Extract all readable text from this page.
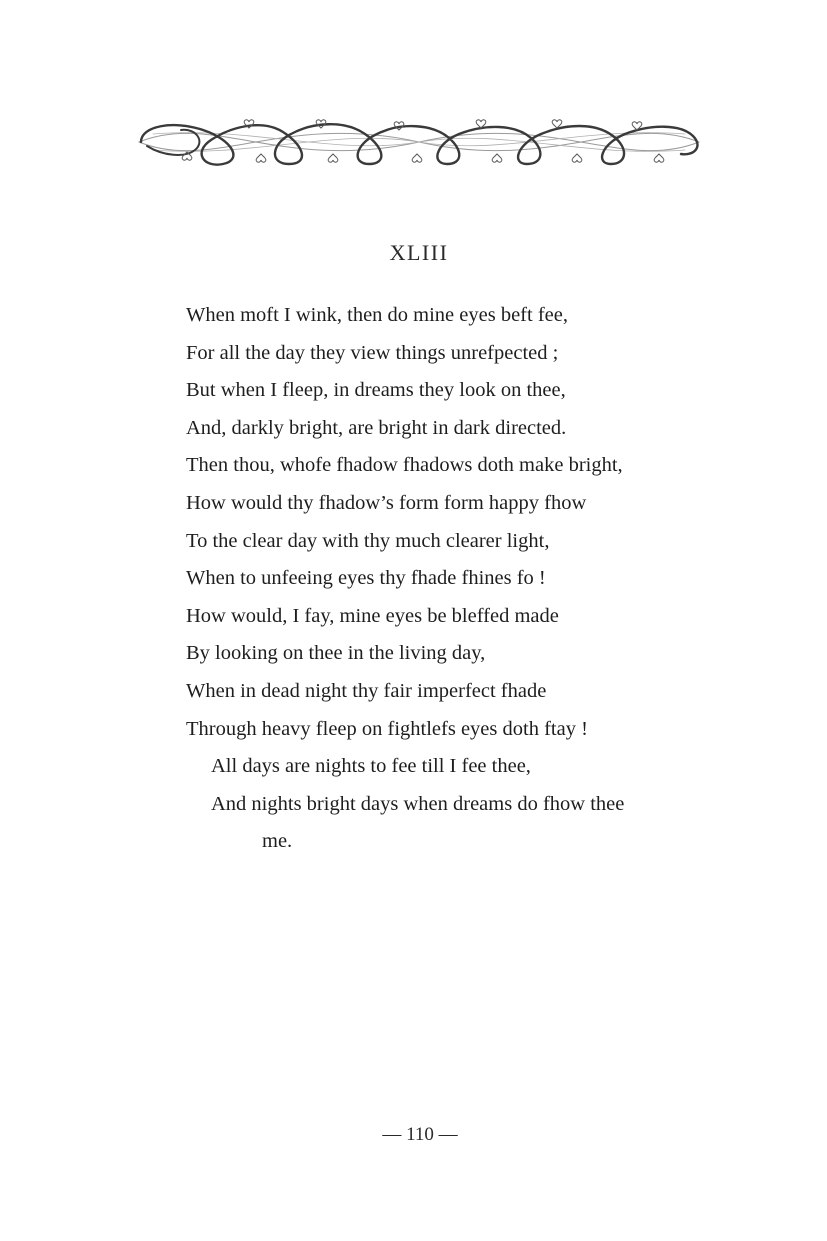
XLIII
When moft I wink, then do mine eyes beft fee,
For all the day they view things unrefpected ;
But when I fleep, in dreams they look on thee,
And, darkly bright, are bright in dark directed.
Then thou, whofe fhadow fhadows doth make bright,
How would thy fhadow’s form form happy fhow
To the clear day with thy much clearer light,
When to unfeeing eyes thy fhade fhines fo !
How would, I fay, mine eyes be bleffed made
By looking on thee in the living day,
When in dead night thy fair imperfect fhade
Through heavy fleep on fightlefs eyes doth ftay !
All days are nights to fee till I fee thee,
And nights bright days when dreams do fhow thee
me.
— 110 —
